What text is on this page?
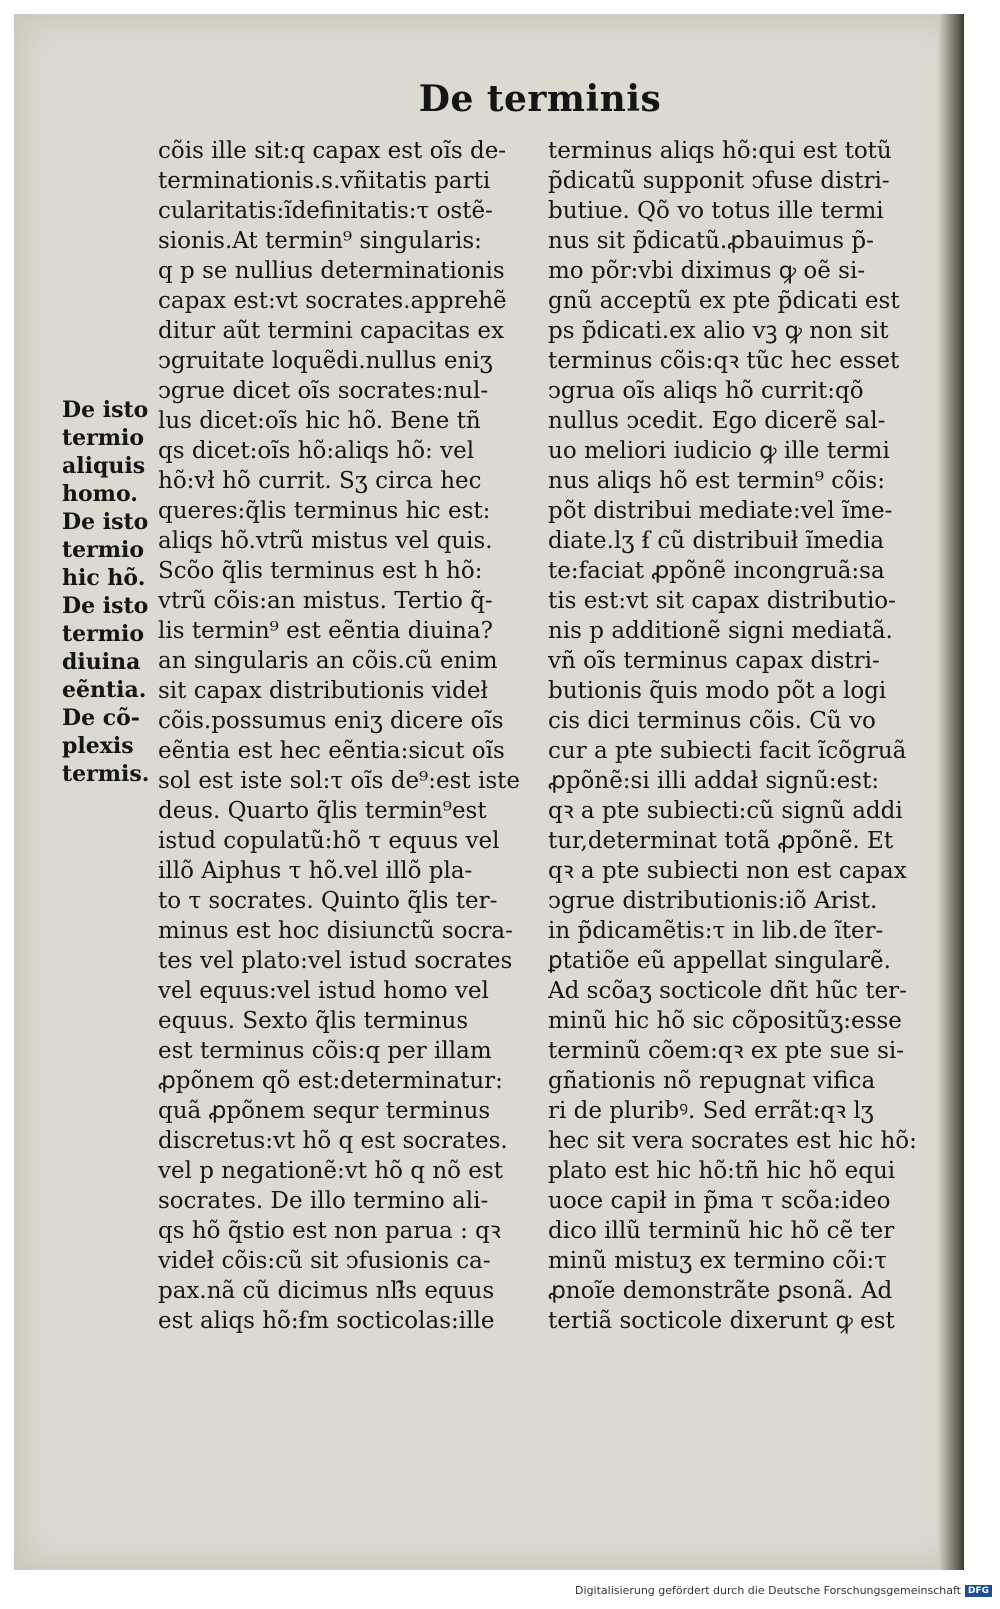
De terminis
De isto
termio
aliquis
homo.
De isto
termio
hic hõ.
De isto
termio
diuina
eẽntia.
De cõ-
plexis
termis.
cõis ille sit:q capax est oĩs de-
terminationis.s.vñitatis parti
cularitatis:ĩdefinitatis:τ ostẽ-
sionis.At termin⁹ singularis:
q p se nullius determinationis
capax est:vt socrates.apprehẽ
ditur aũt termini capacitas ex
ↄgruitate loquẽdi.nullus eniʒ
ↄgrue dicet oĩs socrates:nul-
lus dicet:oĩs hic hõ. Bene tñ
qs dicet:oĩs hõ:aliqs hõ: vel
hõ:vł hõ currit. Sʒ circa hec
queres:q̃lis terminus hic est:
aliqs hõ.vtrũ mistus vel quis.
Scõo q̃lis terminus est h hõ:
vtrũ cõis:an mistus. Tertio q̃-
lis termin⁹ est eẽntia diuina?
an singularis an cõis.cũ enim
sit capax distributionis videł
cõis.possumus eniʒ dicere oĩs
eẽntia est hec eẽntia:sicut oĩs
sol est iste sol:τ oĩs de⁹:est iste
deus. Quarto q̃lis termin⁹est
istud copulatũ:hõ τ equus vel
illõ Aiphus τ hõ.vel illõ pla-
to τ socrates. Quinto q̃lis ter-
minus est hoc disiunctũ socra-
tes vel plato:vel istud socrates
vel equus:vel istud homo vel
equus. Sexto q̃lis terminus
est terminus cõis:q per illam
ꝓpõnem qõ est:determinatur:
quã ꝓpõnem sequr terminus
discretus:vt hõ q est socrates.
vel p negationẽ:vt hõ q nõ est
socrates. De illo termino ali-
qs hõ q̃stio est non parua : qꝛ
videł cõis:cũ sit ↄfusionis ca-
pax.nã cũ dicimus nlł̃s equus
est aliqs hõ:ẜm socticolas:ille
terminus aliqs hõ:qui est totũ
p̃dicatũ supponit ↄfuse distri-
butiue. Qõ vo totus ille termi
nus sit p̃dicatũ.ꝓbauimus p̃-
mo põr:vbi diximus ꝙ oẽ si-
gnũ acceptũ ex pte p̃dicati est
ps p̃dicati.ex alio vꝫ ꝙ non sit
terminus cõis:qꝛ tũc hec esset
ↄgrua oĩs aliqs hõ currit:qõ
nullus ↄcedit. Ego dicerẽ sal-
uo meliori iudicio ꝙ ille termi
nus aliqs hõ est termin⁹ cõis:
põt distribui mediate:vel ĩme-
diate.lʒ ẜ cũ distribuił ĩmedia
te:faciat ꝓpõnẽ incongruã:sa
tis est:vt sit capax distributio-
nis p additionẽ signi mediatã.
vñ oĩs terminus capax distri-
butionis q̃uis modo põt a logi
cis dici terminus cõis. Cũ vo
cur a pte subiecti facit ĩcõgruã
ꝓpõnẽ:si illi addał signũ:est:
qꝛ a pte subiecti:cũ signũ addi
tur,determinat totã ꝓpõnẽ. Et
qꝛ a pte subiecti non est capax
ↄgrue distributionis:iõ Arist.
in p̃dicamẽtis:τ in lib.de ĩter-
ꝑtatiõe eũ appellat singularẽ.
Ad scõaʒ socticole dñt hũc ter-
minũ hic hõ sic cõpositũʒ:esse
terminũ cõem:qꝛ ex pte sue si-
gñationis nõ repugnat vifica
ri de pluribꝰ. Sed errãt:qꝛ lʒ
hec sit vera socrates est hic hõ:
plato est hic hõ:tñ hic hõ equi
uoce capił in p̃ma τ scõa:ideo
dico illũ terminũ hic hõ cẽ ter
minũ mistuʒ ex termino cõi:τ
ꝓnoĩe demonstrãte ꝑsonã. Ad
tertiã socticole dixerunt ꝙ est
Digitalisierung gefördert durch die Deutsche Forschungsgemeinschaft DFG
